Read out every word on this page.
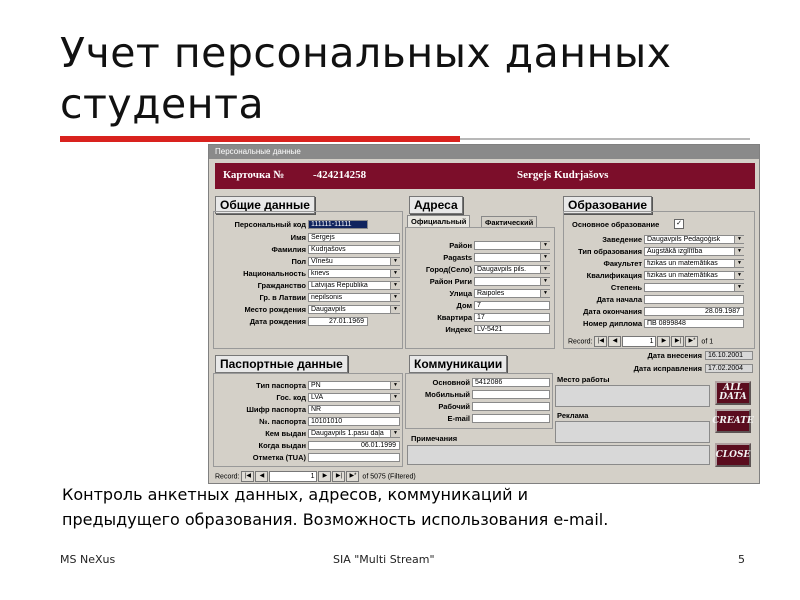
Учет персональных данных
студента
Персональные данные
Карточка №	-424214258	Sergejs Kudrjašovs
Общие данные
Персональный код 111111-11111
Имя Sergejs
Фамилия Kudrjašovs
Пол Vīriešu	▼
Национальность krievs	▼
Гражданство Latvijas Republika	▼
Гр. в Латвии nepilsonis	▼
Место рождения Daugavpils	▼
Дата рождения	27.01.1969
Адреса
Официальный	Фактический
Район	▼
Pagasts	▼
Город(Село) Daugavpils pils.	▼
Район Риги	▼
Улица Raipoles	▼
Дом 7
Квартира 17
Индекс LV-5421
Образование
Основное образование ✓
Заведение Daugavpils Pedagoģisk	▼
Тип образования Augstākā izglītība	▼
Факультет fizikas un matemātikas	▼
Квалификация fizikas un matemātikas	▼
Степень	▼
Дата начала
Дата окончания	28.09.1987
Номер диплома ПВ 0899848
Record: |◀ ◀	1 ▶ ▶| ▶* of 1
Дата внесения 16.10.2001
Дата исправления 17.02.2004
Паспортные данные
Тип паспорта PN	▼
Гос. код LVA	▼
Шифр паспорта NR
№. паспорта 10101010
Кем выдан Daugavpils 1.pasu daļa	▼
Когда выдан	06.01.1999
Отметка (TUA)
Коммуникации
Основной 5412086
Мобильный
Рабочий
E-mail
Место работы
Реклама
Примечания
ALL DATA
CREATE
CLOSE
Record: |◀ ◀	1 ▶ ▶| ▶* of 5075 (Filtered)
Контроль анкетных данных, адресов, коммуникаций и
предыдущего образования. Возможность использования e-mail.
MS NeXus	SIA "Multi Stream"	5
